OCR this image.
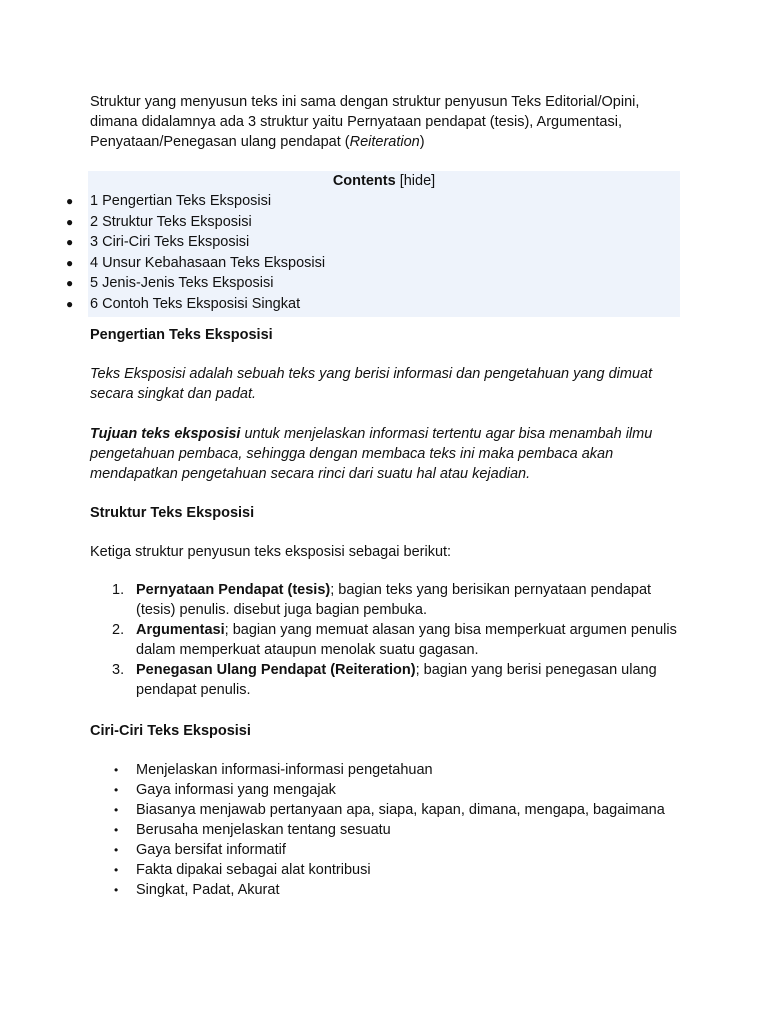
Struktur yang menyusun teks ini sama dengan struktur penyusun Teks Editorial/Opini, dimana didalamnya ada 3 struktur yaitu Pernyataan pendapat (tesis), Argumentasi, Penyataan/Penegasan ulang pendapat (Reiteration)

Contents [hide]
● 1 Pengertian Teks Eksposisi
● 2 Struktur Teks Eksposisi
● 3 Ciri-Ciri Teks Eksposisi
● 4 Unsur Kebahasaan Teks Eksposisi
● 5 Jenis-Jenis Teks Eksposisi
● 6 Contoh Teks Eksposisi Singkat
Pengertian Teks Eksposisi

Teks Eksposisi adalah sebuah teks yang berisi informasi dan pengetahuan yang dimuat secara singkat dan padat.

Tujuan teks eksposisi untuk menjelaskan informasi tertentu agar bisa menambah ilmu pengetahuan pembaca, sehingga dengan membaca teks ini maka pembaca akan mendapatkan pengetahuan secara rinci dari suatu hal atau kejadian.

Struktur Teks Eksposisi

Ketiga struktur penyusun teks eksposisi sebagai berikut:

1. Pernyataan Pendapat (tesis); bagian teks yang berisikan pernyataan pendapat (tesis) penulis. disebut juga bagian pembuka.
2. Argumentasi; bagian yang memuat alasan yang bisa memperkuat argumen penulis dalam memperkuat ataupun menolak suatu gagasan.
3. Penegasan Ulang Pendapat (Reiteration); bagian yang berisi penegasan ulang pendapat penulis.
Ciri-Ciri Teks Eksposisi
• Menjelaskan informasi-informasi pengetahuan
• Gaya informasi yang mengajak
• Biasanya menjawab pertanyaan apa, siapa, kapan, dimana, mengapa, bagaimana
• Berusaha menjelaskan tentang sesuatu
• Gaya bersifat informatif
• Fakta dipakai sebagai alat kontribusi
• Singkat, Padat, Akurat
